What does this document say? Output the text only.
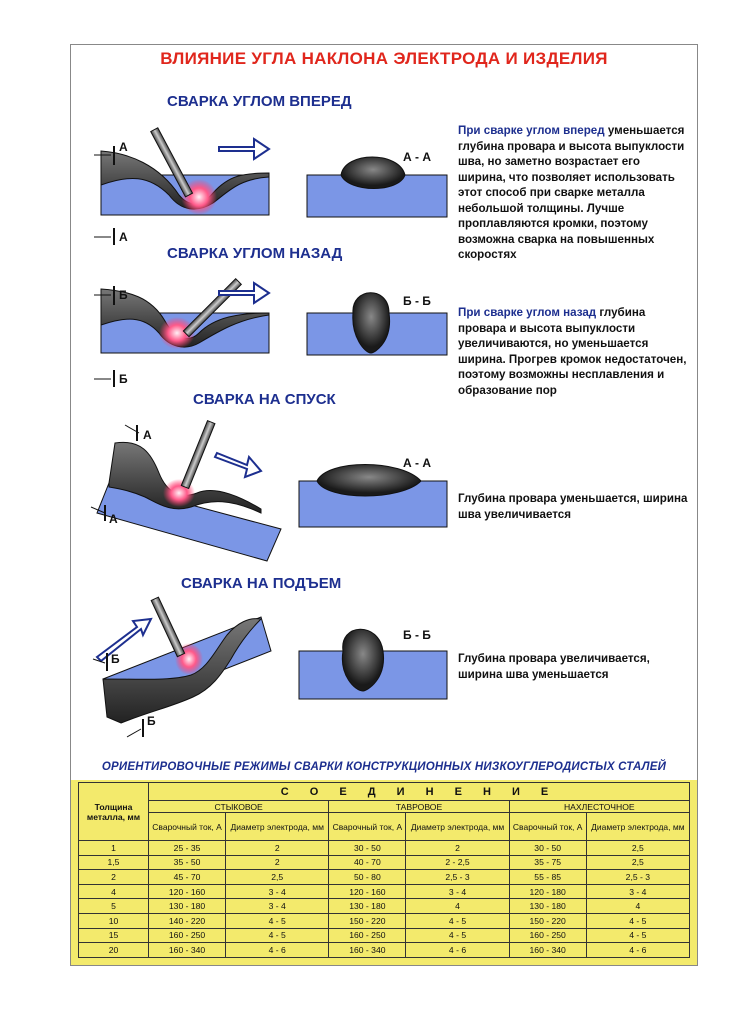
ВЛИЯНИЕ УГЛА НАКЛОНА ЭЛЕКТРОДА И ИЗДЕЛИЯ
СВАРКА УГЛОМ ВПЕРЕД
СВАРКА УГЛОМ НАЗАД
СВАРКА НА СПУСК
СВАРКА НА ПОДЪЕМ
А
А
А - А
Б
Б
Б - Б
А
А
А - А
Б
Б
Б - Б

При сварке углом вперед уменьшается глубина провара и высота выпуклости шва, но заметно возрастает его ширина, что позволяет использовать этот способ при сварке металла небольшой толщины. Лучше проплавляются кромки, поэтому возможна сварка на повышенных скоростях

При сварке углом назад глубина провара и высота выпуклости увеличиваются, но уменьшается ширина. Прогрев кромок недостаточен, поэтому возможны несплавления и образование пор

Глубина провара уменьшается, ширина шва увеличивается

Глубина провара увеличивается, ширина шва уменьшается

ОРИЕНТИРОВОЧНЫЕ РЕЖИМЫ СВАРКИ КОНСТРУКЦИОННЫХ НИЗКОУГЛЕРОДИСТЫХ СТАЛЕЙ
Толщина металла, мм	С О Е Д И Н Е Н И Е					
	СТЫКОВОЕ		ТАВРОВОЕ		НАХЛЕСТОЧНОЕ	
	Сварочный ток, А	Диаметр электрода, мм	Сварочный ток, А	Диаметр электрода, мм	Сварочный ток, А	Диаметр электрода, мм
1	25 - 35	2	30 - 50	2	30 - 50	2,5
1,5	35 - 50	2	40 - 70	2 - 2,5	35 - 75	2,5
2	45 - 70	2,5	50 - 80	2,5 - 3	55 - 85	2,5 - 3
4	120 - 160	3 - 4	120 - 160	3 - 4	120 - 180	3 - 4
5	130 - 180	3 - 4	130 - 180	4	130 - 180	4
10	140 - 220	4 - 5	150 - 220	4 - 5	150 - 220	4 - 5
15	160 - 250	4 - 5	160 - 250	4 - 5	160 - 250	4 - 5
20	160 - 340	4 - 6	160 - 340	4 - 6	160 - 340	4 - 6
